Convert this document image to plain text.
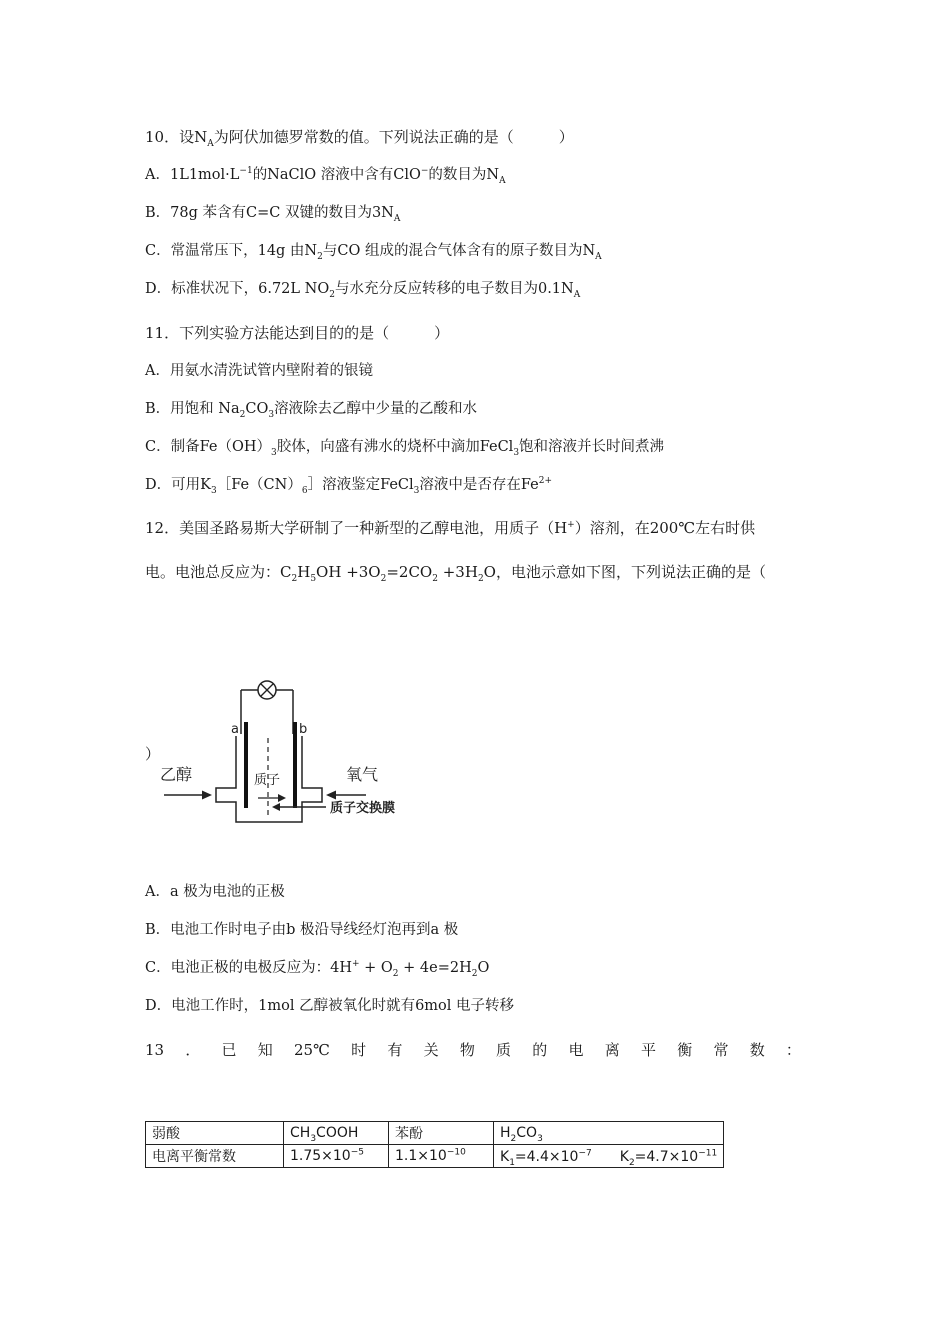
10．设$N_A$为阿伏加德罗常数的值。下列说法正确的是（　　　）
A．$1L1mol\cdot L^{-1}$的NaClO 溶液中含有ClO−的数目为$N_A$
B．78g 苯含有C=C 双键的数目为$3N_A$
C．常温常压下，14g 由$N_2$与CO 组成的混合气体含有的原子数目为$N_A$
D．标准状况下，6.72L $NO_2$与水充分反应转移的电子数目为$0.1N_A$
11．下列实验方法能达到目的的是（　　　）
A．用氨水清洗试管内壁附着的银镜
B．用饱和 $Na_2CO_3$溶液除去乙醇中少量的乙酸和水
C．制备$Fe(OH)_3$胶体，向盛有沸水的烧杯中滴加FeCl$_3$饱和溶液并长时间煮沸
D．可用$K_3[Fe(CN)_6]$溶液鉴定FeCl$_3$溶液中是否存在$Fe^{2+}$
12．美国圣路易斯大学研制了一种新型的乙醇电池，用质子（H+）溶剂，在200℃左右时供
电。电池总反应为：$C_2H_5OH +3O_2=2CO_2 +3H_2O$，电池示意如下图，下列说法正确的是（
）
a	b
乙醇	氧气
质子
质子交换膜
A．a 极为电池的正极
B．电池工作时电子由b 极沿导线经灯泡再到a 极
C．电池正极的电极反应为：$4H^+ + O_2 + 4e=2H_2O$
D．电池工作时，1mol 乙醇被氧化时就有6mol 电子转移
13 ． 已 知 25℃ 时 有 关 物 质 的 电 离 平 衡 常 数 ：
弱酸	$CH_3COOH$	苯酚	$H_2CO_3$
电离平衡常数	$1.75\times 10^{-5}$	$1.1\times 10^{-10}$	$K_1=4.4\times 10^{-7}$　　$K_2=4.7\times 10^{-11}$
